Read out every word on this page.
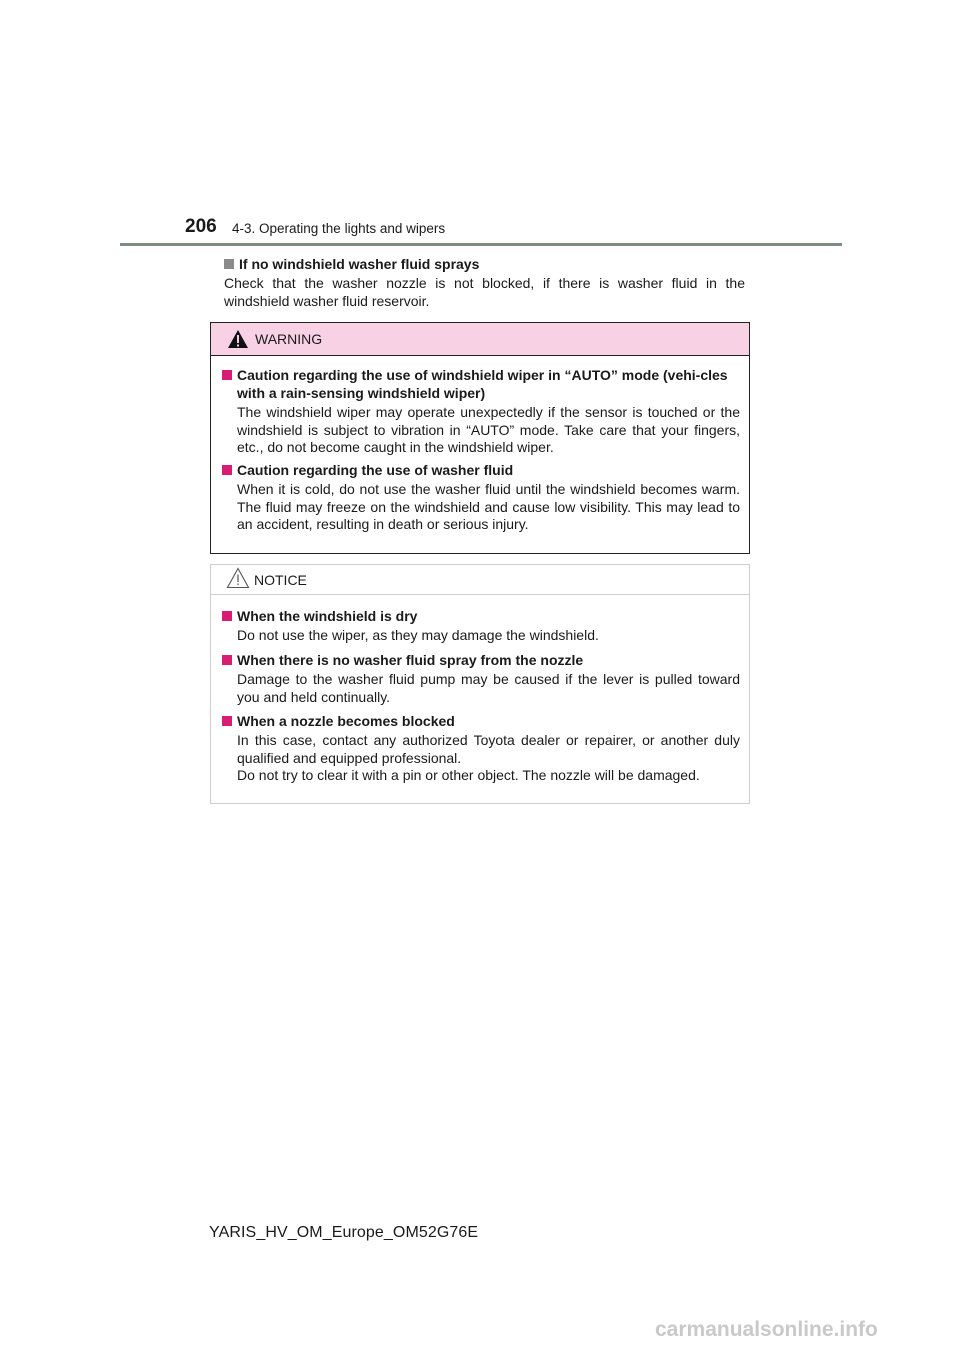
206 4-3. Operating the lights and wipers
If no windshield washer fluid sprays
Check that the washer nozzle is not blocked, if there is washer fluid in the windshield washer fluid reservoir.
WARNING
Caution regarding the use of windshield wiper in “AUTO” mode (vehi-cles with a rain-sensing windshield wiper)
The windshield wiper may operate unexpectedly if the sensor is touched or the windshield is subject to vibration in “AUTO” mode. Take care that your fingers, etc., do not become caught in the windshield wiper.
Caution regarding the use of washer fluid
When it is cold, do not use the washer fluid until the windshield becomes warm. The fluid may freeze on the windshield and cause low visibility. This may lead to an accident, resulting in death or serious injury.
NOTICE
When the windshield is dry
Do not use the wiper, as they may damage the windshield.
When there is no washer fluid spray from the nozzle
Damage to the washer fluid pump may be caused if the lever is pulled toward you and held continually.
When a nozzle becomes blocked
In this case, contact any authorized Toyota dealer or repairer, or another duly qualified and equipped professional.
Do not try to clear it with a pin or other object. The nozzle will be damaged.
YARIS_HV_OM_Europe_OM52G76E
carmanualsonline.info
